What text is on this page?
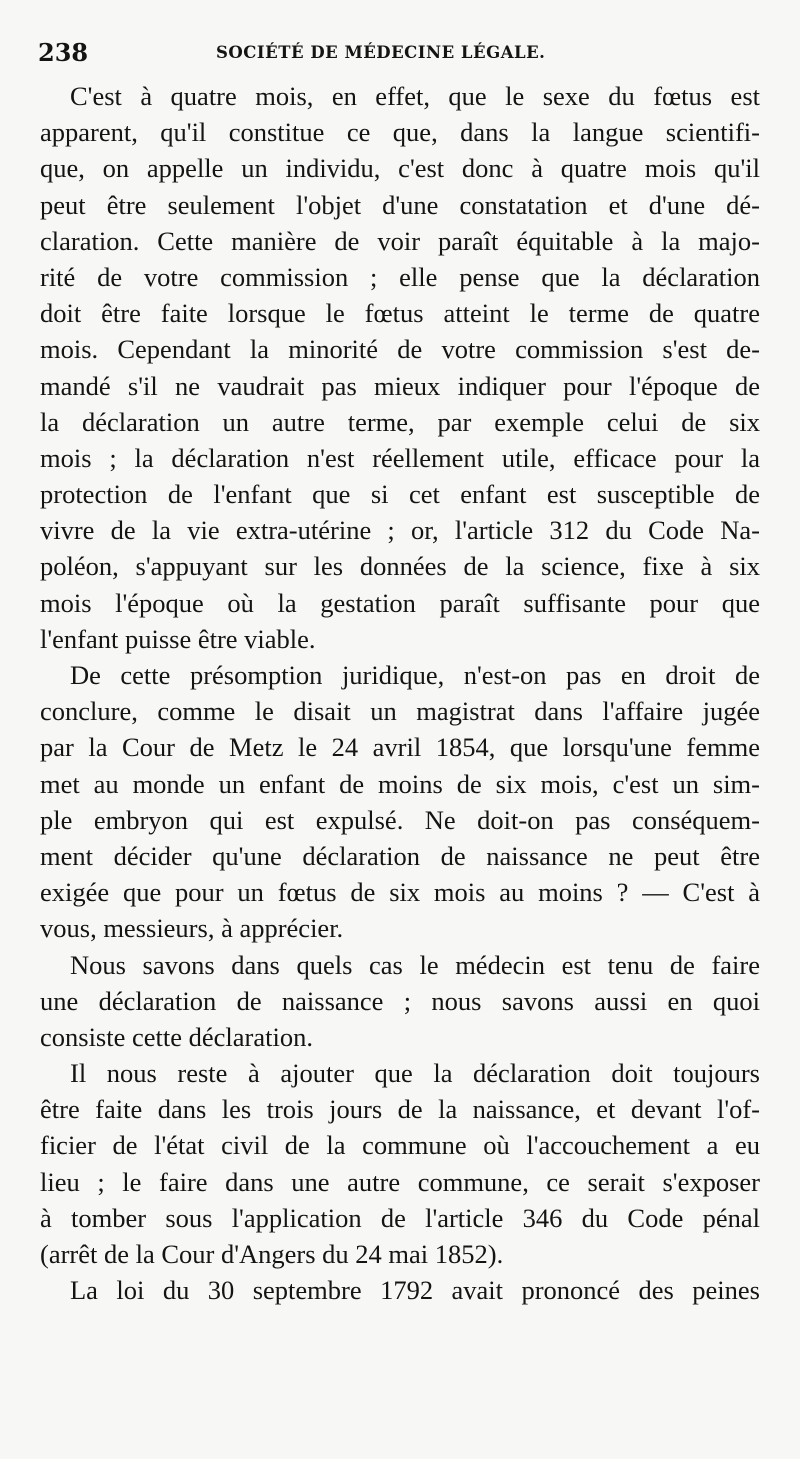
238	SOCIÉTÉ DE MÉDECINE LÉGALE.
C'est à quatre mois, en effet, que le sexe du fœtus est
apparent, qu'il constitue ce que, dans la langue scientifi-
que, on appelle un individu, c'est donc à quatre mois qu'il
peut être seulement l'objet d'une constatation et d'une dé-
claration. Cette manière de voir paraît équitable à la majo-
rité de votre commission ; elle pense que la déclaration
doit être faite lorsque le fœtus atteint le terme de quatre
mois. Cependant la minorité de votre commission s'est de-
mandé s'il ne vaudrait pas mieux indiquer pour l'époque de
la déclaration un autre terme, par exemple celui de six
mois ; la déclaration n'est réellement utile, efficace pour la
protection de l'enfant que si cet enfant est susceptible de
vivre de la vie extra-utérine ; or, l'article 312 du Code Na-
poléon, s'appuyant sur les données de la science, fixe à six
mois l'époque où la gestation paraît suffisante pour que
l'enfant puisse être viable.
De cette présomption juridique, n'est-on pas en droit de
conclure, comme le disait un magistrat dans l'affaire jugée
par la Cour de Metz le 24 avril 1854, que lorsqu'une femme
met au monde un enfant de moins de six mois, c'est un sim-
ple embryon qui est expulsé. Ne doit-on pas conséquem-
ment décider qu'une déclaration de naissance ne peut être
exigée que pour un fœtus de six mois au moins ? — C'est à
vous, messieurs, à apprécier.
Nous savons dans quels cas le médecin est tenu de faire
une déclaration de naissance ; nous savons aussi en quoi
consiste cette déclaration.
Il nous reste à ajouter que la déclaration doit toujours
être faite dans les trois jours de la naissance, et devant l'of-
ficier de l'état civil de la commune où l'accouchement a eu
lieu ; le faire dans une autre commune, ce serait s'exposer
à tomber sous l'application de l'article 346 du Code pénal
(arrêt de la Cour d'Angers du 24 mai 1852).
La loi du 30 septembre 1792 avait prononcé des peines
